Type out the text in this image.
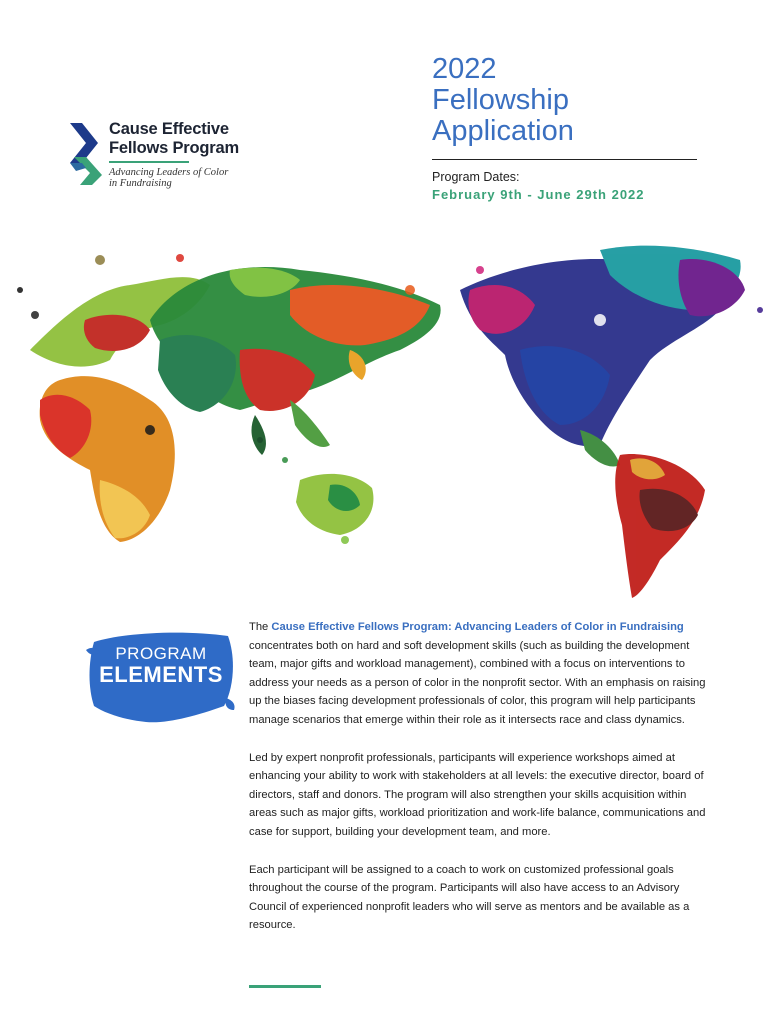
Cause Effective
Fellows Program
Advancing Leaders of Color
in Fundraising
2022
Fellowship
Application
Program Dates:
February 9th - June 29th 2022
PROGRAM
ELEMENTS

The Cause Effective Fellows Program: Advancing Leaders of Color in Fundraising concentrates both on hard and soft development skills (such as building the development team, major gifts and workload management), combined with a focus on interventions to address your needs as a person of color in the nonprofit sector. With an emphasis on raising up the biases facing development professionals of color, this program will help participants manage scenarios that emerge within their role as it intersects race and class dynamics.

Led by expert nonprofit professionals, participants will experience workshops aimed at enhancing your ability to work with stakeholders at all levels: the executive director, board of directors, staff and donors. The program will also strengthen your skills acquisition within areas such as major gifts, workload prioritization and work-life balance, communications and case for support, building your development team, and more.

Each participant will be assigned to a coach to work on customized professional goals throughout the course of the program. Participants will also have access to an Advisory Council of experienced nonprofit leaders who will serve as mentors and be available as a resource.
